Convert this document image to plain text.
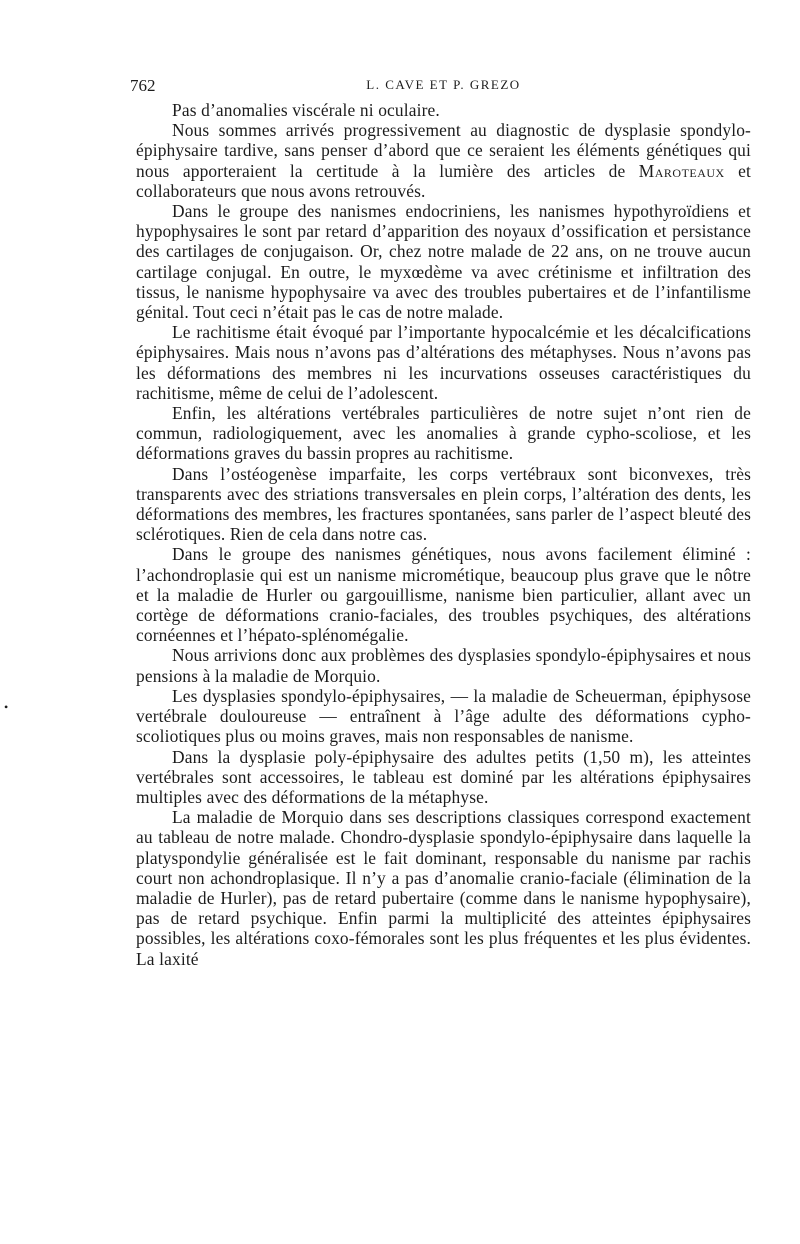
762	L. CAVE ET P. GREZO

Pas d’anomalies viscérale ni oculaire.

Nous sommes arrivés progressivement au diagnostic de dysplasie spondylo-épiphysaire tardive, sans penser d’abord que ce seraient les éléments génétiques qui nous apporteraient la certitude à la lumière des articles de Maroteaux et collaborateurs que nous avons retrouvés.

Dans le groupe des nanismes endocriniens, les nanismes hypothyroïdiens et hypophysaires le sont par retard d’apparition des noyaux d’ossification et persistance des cartilages de conjugaison. Or, chez notre malade de 22 ans, on ne trouve aucun cartilage conjugal. En outre, le myxœdème va avec crétinisme et infiltration des tissus, le nanisme hypophysaire va avec des troubles pubertaires et de l’infantilisme génital. Tout ceci n’était pas le cas de notre malade.

Le rachitisme était évoqué par l’importante hypocalcémie et les décalcifications épiphysaires. Mais nous n’avons pas d’altérations des métaphyses. Nous n’avons pas les déformations des membres ni les incurvations osseuses caractéristiques du rachitisme, même de celui de l’adolescent.

Enfin, les altérations vertébrales particulières de notre sujet n’ont rien de commun, radiologiquement, avec les anomalies à grande cypho-scoliose, et les déformations graves du bassin propres au rachitisme.

Dans l’ostéogenèse imparfaite, les corps vertébraux sont biconvexes, très transparents avec des striations transversales en plein corps, l’altération des dents, les déformations des membres, les fractures spontanées, sans parler de l’aspect bleuté des sclérotiques. Rien de cela dans notre cas.

Dans le groupe des nanismes génétiques, nous avons facilement éliminé : l’achondroplasie qui est un nanisme micrométique, beaucoup plus grave que le nôtre et la maladie de Hurler ou gargouillisme, nanisme bien particulier, allant avec un cortège de déformations cranio-faciales, des troubles psychiques, des altérations cornéennes et l’hépato-splénomégalie.

Nous arrivions donc aux problèmes des dysplasies spondylo-épiphysaires et nous pensions à la maladie de Morquio.

Les dysplasies spondylo-épiphysaires, — la maladie de Scheuerman, épiphysose vertébrale douloureuse — entraînent à l’âge adulte des déformations cypho-scoliotiques plus ou moins graves, mais non responsables de nanisme.

Dans la dysplasie poly-épiphysaire des adultes petits (1,50 m), les atteintes vertébrales sont accessoires, le tableau est dominé par les altérations épiphysaires multiples avec des déformations de la métaphyse.

La maladie de Morquio dans ses descriptions classiques correspond exactement au tableau de notre malade. Chondro-dysplasie spondylo-épiphysaire dans laquelle la platyspondylie généralisée est le fait dominant, responsable du nanisme par rachis court non achondroplasique. Il n’y a pas d’anomalie cranio-faciale (élimination de la maladie de Hurler), pas de retard pubertaire (comme dans le nanisme hypophysaire), pas de retard psychique. Enfin parmi la multiplicité des atteintes épiphysaires possibles, les altérations coxo-fémorales sont les plus fréquentes et les plus évidentes. La laxité

•
